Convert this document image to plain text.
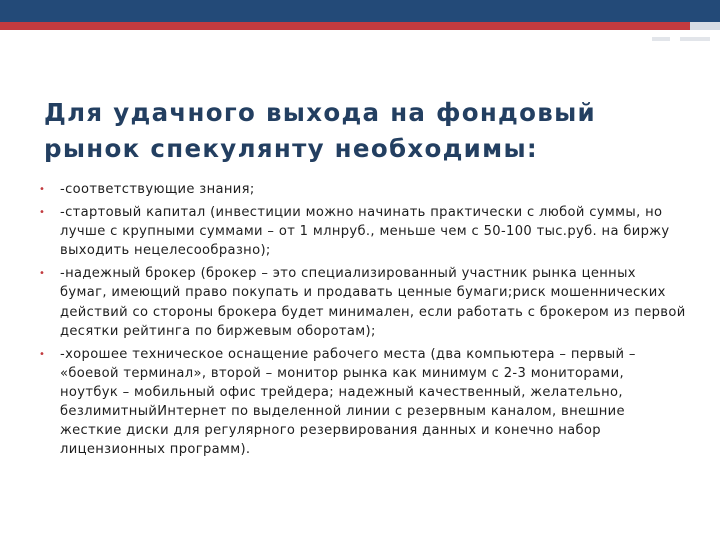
Для удачного выхода на фондовый рынок спекулянту необходимы:
•	-соответствующие знания;
•	-стартовый капитал (инвестиции можно начинать практически с любой суммы, но лучше с крупными суммами – от 1 млнруб., меньше чем с 50-100 тыс.руб. на биржу выходить нецелесообразно);
•	-надежный брокер (брокер – это специализированный участник рынка ценных бумаг, имеющий право покупать и продавать ценные бумаги;риск мошеннических действий со стороны брокера будет минимален, если работать с брокером из первой десятки рейтинга по биржевым оборотам);
•	-хорошее техническое оснащение рабочего места (два компьютера – первый – «боевой терминал», второй – монитор рынка как минимум с 2-3 мониторами, ноутбук – мобильный офис трейдера; надежный качественный, желательно, безлимитныйИнтернет по выделенной линии с резервным каналом, внешние жесткие диски для регулярного резервирования данных и конечно набор лицензионных программ).
